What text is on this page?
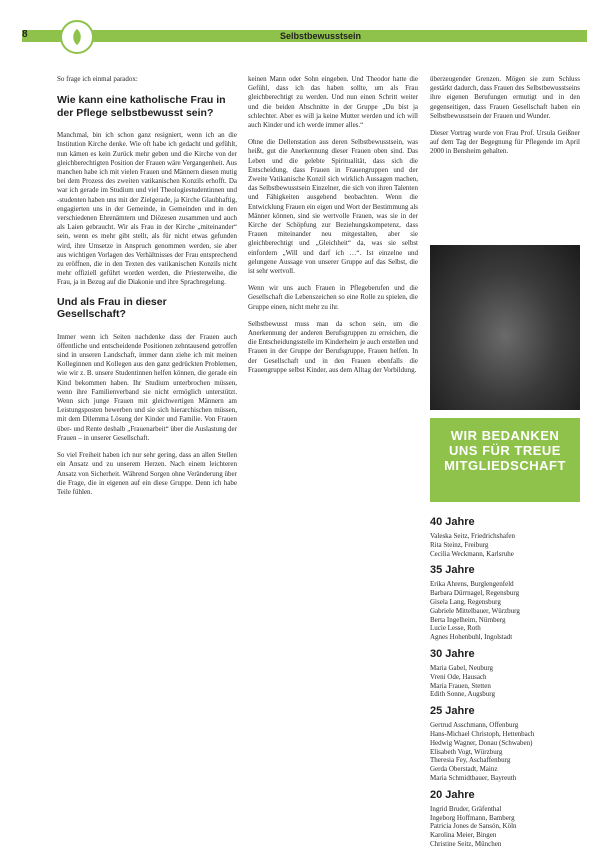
8	Selbstbewusstsein

So frage ich einmal paradox:

Wie kann eine katholische Frau in der Pflege selbstbewusst sein?

Manchmal, bin ich schon ganz resigniert, wenn ich an die Institution Kirche denke. Wie oft habe ich gedacht und gefühlt, nun kämen es kein Zurück mehr geben und die Kirche von der gleichberechtigten Position der Frauen wäre Vergangenheit. Aus manchen habe ich mit vielen Frauen und Männern diesen mutig bei dem Prozess des zweiten vatikanischen Konzils erhofft. Da war ich gerade im Studium und viel Theologiestudentinnen und -studenten haben uns mit der Zielgerade, ja Kirche Glaubhaftig, engagierten uns in der Gemeinde, in Gemeinden und in den verschiedenen Ehrenämtern und Diözesen zusammen und auch als Laien gebraucht. Wir als Frau in der Kirche „miteinander“ sein, wenn es mehr gibt stellt, als für nicht etwas gefunden wird, ihre Umsetze in Anspruch genommen werden, sie aber aus wichtigen Vorlagen des Verhältnisses der Frau entsprechend zu eröffnen, die in den Texten des vatikanischen Konzils nicht mehr offiziell geführt worden werden, die Priesterweihe, die Frau, ja in Bezug auf die Diakonie und ihre Sprachregelung.

Und als Frau in dieser Gesellschaft?

Immer wenn ich Seiten nachdenke dass der Frauen auch öffentliche und entscheidende Positionen zehntausend getroffen sind in unseren Landschaft, immer dann ziehe ich mit meinen Kolleginnen und Kollegen aus den ganz gedrückten Problemen, wie wir z. B. unsere Studentinnen helfen können, die gerade ein Kind bekommen haben. Ihr Studium unterbrochen müssen, wenn ihre Familienverband sie nicht ermöglich unterstützt. Wenn sich junge Frauen mit gleichwertigen Männern am Leistungsposten bewerben und sie sich hierarchischen müssen, mit dem Dilemma Lösung der Kinder und Familie. Von Frauen über- und Rente deshalb „Frauenarbeit“ über die Auslastung der Frauen – in unserer Gesellschaft.

So viel Freiheit haben ich nur sehr gering, dass an allen Stellen ein Ansatz und zu unserem Herzen. Nach einem leichteren Ansatz von Sicherheit. Während Sorgen ohne Veränderung über die Frage, die in eigenen auf ein diese Gruppe. Denn ich habe Teile fühlen.

keinen Mann oder Sohn eingeben. Und Theodor hatte die Gefühl, dass ich das haben sollte, um als Frau gleichberechtigt zu werden. Und nun einen Schritt weiter und die beiden Abschnitte in der Gruppe „Du bist ja schlechter. Aber es will ja keine Mutter werden und ich will auch Kinder und ich werde immer alles.“

Ohne die Dellenstation aus deren Selbstbewusstsein, was heißt, gut die Anerkennung dieser Frauen oben sind. Das Leben und die gelebte Spiritualität, dass sich die Entscheidung, dass Frauen in Frauengruppen und der Zweite Vatikanische Konzil sich wirklich Aussagen machen, das Selbstbewusstsein Einzelner, die sich von ihren Talenten und Fähigkeiten ausgehend beobachten. Wenn die Entwicklung Frauen ein eigen und Wort der Bestimmung als Männer können, sind sie wertvolle Frauen, was sie in der Kirche der Schöpfung zur Beziehungskompetenz, dass Frauen miteinander neu mitgestalten, aber sie gleichberechtigt und „Gleichheit“ da, was sie selbst einfordern „Will und darf ich …“. Ist einzelne und gelungene Aussage von unserer Gruppe auf das Selbst, die ist sehr wertvoll.

Wenn wir uns auch Frauen in Pflegeberufen und die Gesellschaft die Lebenszeichen so eine Rolle zu spielen, die Gruppe einen, nicht mehr zu ihr.

Selbstbewusst muss man da schon sein, um die Anerkennung der anderen Berufsgruppen zu erreichen, die die Entscheidungsstelle im Kinderheim je auch erstellen und Frauen in der Gruppe der Berufsgruppe, Frauen helfen. In der Gesellschaft und in den Frauen ebenfalls die Frauengruppe selbst Kinder, aus dem Alltag der Vorbildung.

überzeugender Grenzen. Mögen sie zum Schluss gestärkt dadurch, dass Frauen des Selbstbewusstseins ihre eigenen Berufungen ermutigt und in den gegenseitigen, dass Frauen Gesellschaft haben ein Selbstbewusstsein der Frauen und Wunder.

Dieser Vortrag wurde von Frau Prof. Ursula Geißner auf dem Tag der Begegnung für Pflegende im April 2000 in Bensheim gehalten.

WIR BEDANKEN
UNS FÜR TREUE
MITGLIEDSCHAFT
40 Jahre
Valeska Seitz, Friedrichshafen
Rita Steinz, Freiburg
Cecilia Weckmann, Karlsruhe
35 Jahre
Erika Ahrens, Burglengenfeld
Barbara Dürrnagel, Regensburg
Gisela Lang, Regensburg
Gabriele Mittelbauer, Würzburg
Berta Ingelheim, Nürnberg
Lucie Lesse, Roth
Agnes Hohenbuhl, Ingolstadt
30 Jahre
Maria Gabel, Neuburg
Vreni Ode, Hausach
Maria Frauen, Stetten
Edith Sonne, Augsburg
25 Jahre
Gertrud Asschmann, Offenburg
Hans-Michael Christoph, Hettenbach
Hedwig Wagner, Donau (Schwaben)
Elisabeth Vogt, Würzburg
Theresia Fey, Aschaffenburg
Gerda Oberstadt, Mainz
Maria Schmidtbauer, Bayreuth
20 Jahre
Ingrid Bruder, Gräfenthal
Ingeborg Hoffmann, Bamberg
Patricia Jones de Sansón, Köln
Karolina Meier, Bingen
Christine Seitz, München
